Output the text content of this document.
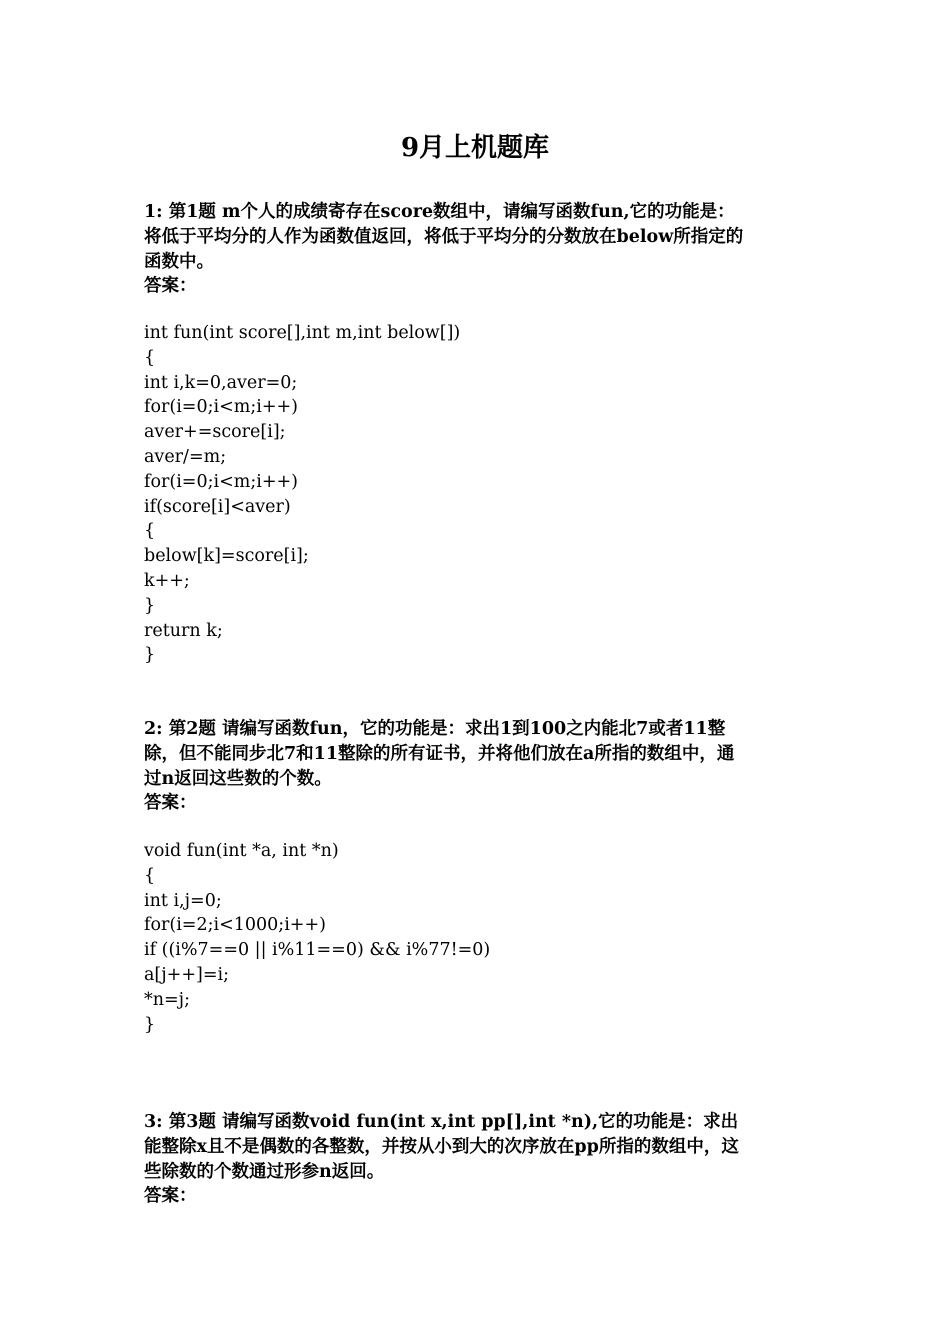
9月上机题库
1: 第1题 m个人的成绩寄存在score数组中，请编写函数fun,它的功能是：
将低于平均分的人作为函数值返回，将低于平均分的分数放在below所指定的
函数中。
答案：
int fun(int score[],int m,int below[])
{
int i,k=0,aver=0;
for(i=0;i<m;i++)
aver+=score[i];
aver/=m;
for(i=0;i<m;i++)
if(score[i]<aver)
{
below[k]=score[i];
k++;
}
return k;
}
2: 第2题 请编写函数fun，它的功能是：求出1到100之内能北7或者11整
除，但不能同步北7和11整除的所有证书，并将他们放在a所指的数组中，通
过n返回这些数的个数。
答案：
void fun(int *a, int *n)
{
int i,j=0;
for(i=2;i<1000;i++)
if ((i%7==0 || i%11==0) && i%77!=0)
a[j++]=i;
*n=j;
}
3: 第3题 请编写函数void fun(int x,int pp[],int *n),它的功能是：求出
能整除x且不是偶数的各整数，并按从小到大的次序放在pp所指的数组中，这
些除数的个数通过形参n返回。
答案：
